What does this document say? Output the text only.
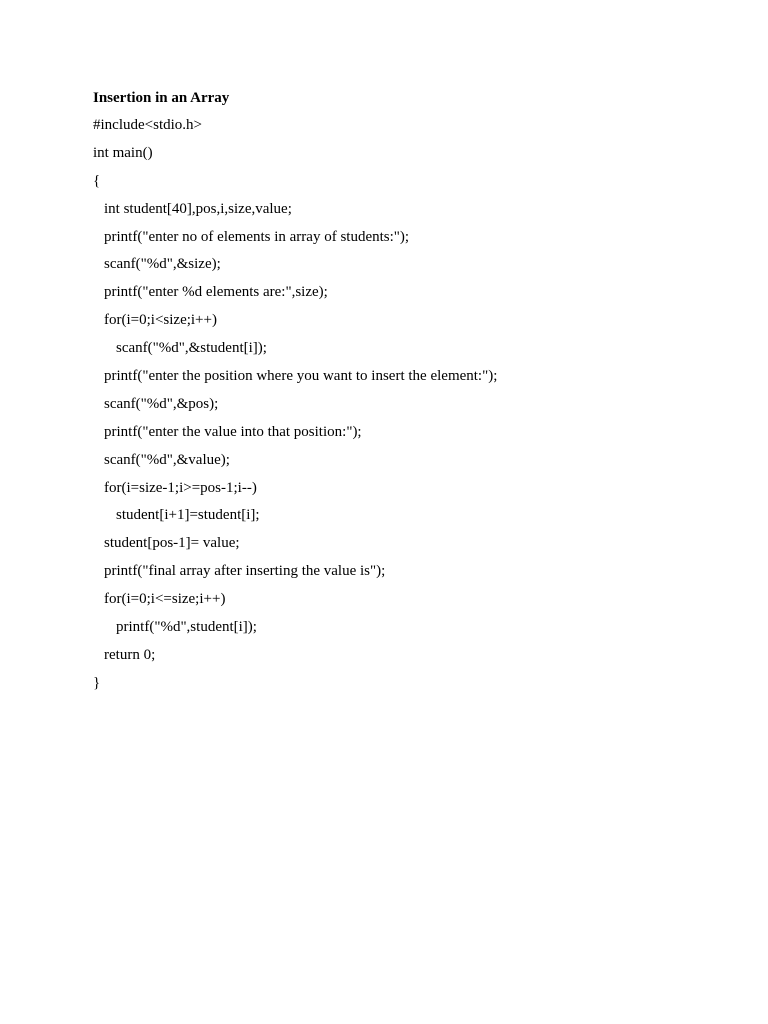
Insertion in an Array
#include<stdio.h>
int main()
{
int student[40],pos,i,size,value;
printf("enter no of elements in array of students:");
scanf("%d",&size);
printf("enter %d elements are:",size);
for(i=0;i<size;i++)
scanf("%d",&student[i]);
printf("enter the position where you want to insert the element:");
scanf("%d",&pos);
printf("enter the value into that position:");
scanf("%d",&value);
for(i=size-1;i>=pos-1;i--)
student[i+1]=student[i];
student[pos-1]= value;
printf("final array after inserting the value is");
for(i=0;i<=size;i++)
printf("%d",student[i]);
return 0;
}
